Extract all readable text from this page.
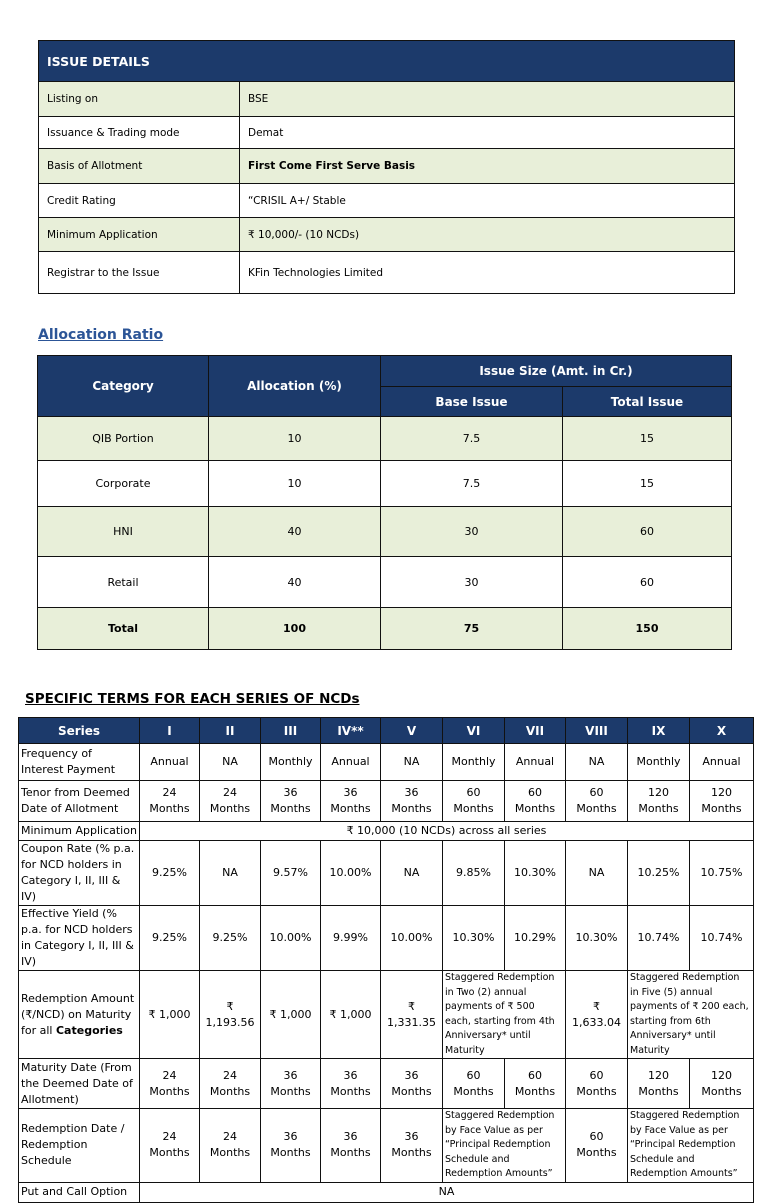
ISSUE DETAILS	
Listing on	BSE
Issuance & Trading mode	Demat
Basis of Allotment	First Come First Serve Basis
Credit Rating	“CRISIL A+/ Stable
Minimum Application	₹ 10,000/- (10 NCDs)
Registrar to the Issue	KFin Technologies Limited
Allocation Ratio
Category	Allocation (%)	Issue Size (Amt. in Cr.)	
		Base Issue	Total Issue
QIB Portion	10	7.5	15
Corporate	10	7.5	15
HNI	40	30	60
Retail	40	30	60
Total	100	75	150
SPECIFIC TERMS FOR EACH SERIES OF NCDs
Series	I	II	III	IV**	V	VI	VII	VIII	IX	X
Frequency of Interest Payment	Annual	NA	Monthly	Annual	NA	Monthly	Annual	NA	Monthly	Annual
Tenor from Deemed Date of Allotment	24 Months	24 Months	36 Months	36 Months	36 Months	60 Months	60 Months	60 Months	120 Months	120 Months
Minimum Application	₹ 10,000 (10 NCDs) across all series									
Coupon Rate (% p.a. for NCD holders in Category I, II, III & IV)	9.25%	NA	9.57%	10.00%	NA	9.85%	10.30%	NA	10.25%	10.75%
Effective Yield (% p.a. for NCD holders in Category I, II, III & IV)	9.25%	9.25%	10.00%	9.99%	10.00%	10.30%	10.29%	10.30%	10.74%	10.74%
Redemption Amount (₹/NCD) on Maturity for all Categories	₹ 1,000	₹ 1,193.56	₹ 1,000	₹ 1,000	₹ 1,331.35	Staggered Redemption in Two (2) annual payments of ₹ 500 each, starting from 4th Anniversary* until Maturity		₹ 1,633.04	Staggered Redemption in Five (5) annual payments of ₹ 200 each, starting from 6th Anniversary* until Maturity	
Maturity Date (From the Deemed Date of Allotment)	24 Months	24 Months	36 Months	36 Months	36 Months	60 Months	60 Months	60 Months	120 Months	120 Months
Redemption Date / Redemption Schedule	24 Months	24 Months	36 Months	36 Months	36 Months	Staggered Redemption by Face Value as per “Principal Redemption Schedule and Redemption Amounts”		60 Months	Staggered Redemption by Face Value as per “Principal Redemption Schedule and Redemption Amounts”	
Put and Call Option	NA									
